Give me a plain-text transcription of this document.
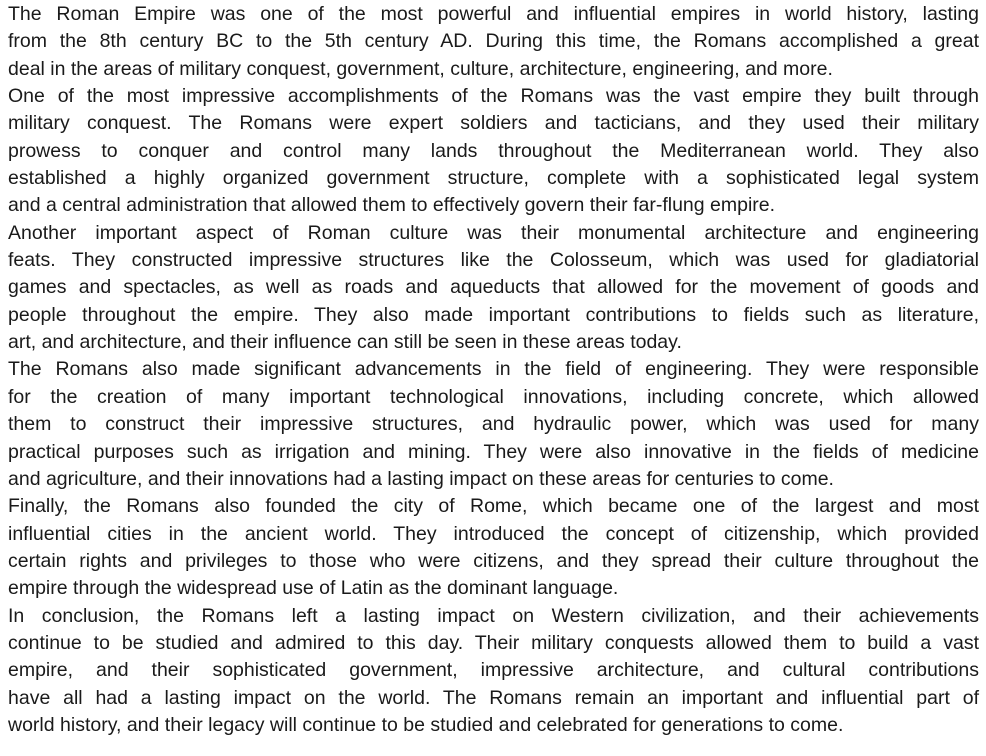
The Roman Empire was one of the most powerful and influential empires in world history, lasting
from the 8th century BC to the 5th century AD. During this time, the Romans accomplished a great
deal in the areas of military conquest, government, culture, architecture, engineering, and more.
One of the most impressive accomplishments of the Romans was the vast empire they built through
military conquest. The Romans were expert soldiers and tacticians, and they used their military
prowess to conquer and control many lands throughout the Mediterranean world. They also
established a highly organized government structure, complete with a sophisticated legal system
and a central administration that allowed them to effectively govern their far-flung empire.
Another important aspect of Roman culture was their monumental architecture and engineering
feats. They constructed impressive structures like the Colosseum, which was used for gladiatorial
games and spectacles, as well as roads and aqueducts that allowed for the movement of goods and
people throughout the empire. They also made important contributions to fields such as literature,
art, and architecture, and their influence can still be seen in these areas today.
The Romans also made significant advancements in the field of engineering. They were responsible
for the creation of many important technological innovations, including concrete, which allowed
them to construct their impressive structures, and hydraulic power, which was used for many
practical purposes such as irrigation and mining. They were also innovative in the fields of medicine
and agriculture, and their innovations had a lasting impact on these areas for centuries to come.
Finally, the Romans also founded the city of Rome, which became one of the largest and most
influential cities in the ancient world. They introduced the concept of citizenship, which provided
certain rights and privileges to those who were citizens, and they spread their culture throughout the
empire through the widespread use of Latin as the dominant language.
In conclusion, the Romans left a lasting impact on Western civilization, and their achievements
continue to be studied and admired to this day. Their military conquests allowed them to build a vast
empire, and their sophisticated government, impressive architecture, and cultural contributions
have all had a lasting impact on the world. The Romans remain an important and influential part of
world history, and their legacy will continue to be studied and celebrated for generations to come.
